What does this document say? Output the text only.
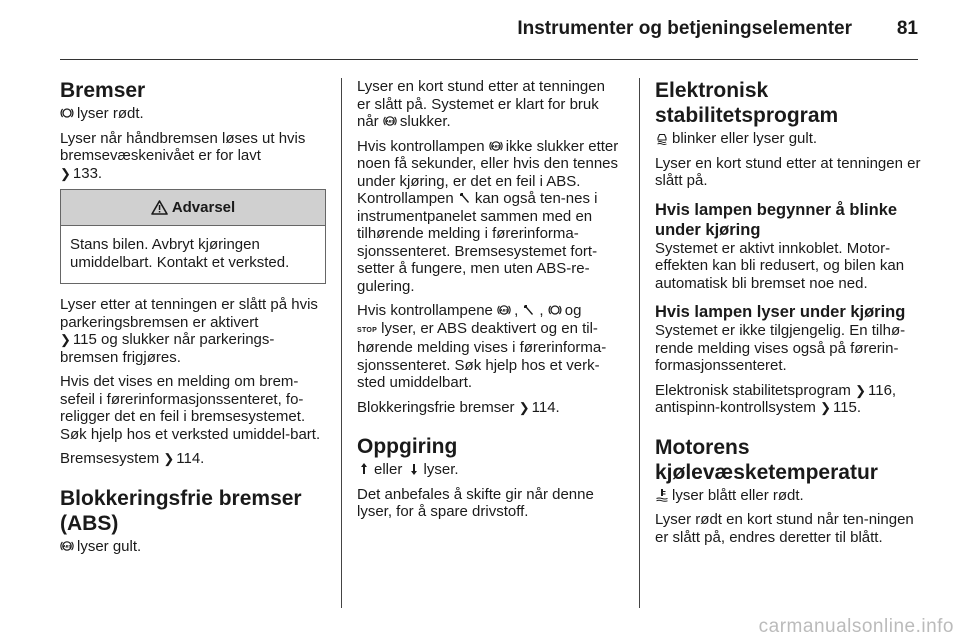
Instrumenter og betjeningselementer 81
Bremser

lyser rødt.

Lyser når håndbremsen løses ut hvis bremsevæskenivået er for lavt
❯ 133.

Advarsel

Stans bilen. Avbryt kjøringen umiddelbart. Kontakt et verksted.

Lyser etter at tenningen er slått på hvis parkeringsbremsen er aktivert
❯ 115 og slukker når parkerings-bremsen frigjøres.

Hvis det vises en melding om brem-sefeil i førerinformasjonssenteret, fo-religger det en feil i bremsesystemet. Søk hjelp hos et verksted umiddel-bart.

Bremsesystem ❯ 114.

Blokkeringsfrie bremser (ABS)

ABS lyser gult.

Lyser en kort stund etter at tenningen er slått på. Systemet er klart for bruk når ABS slukker.

Hvis kontrollampen ABS ikke slukker etter noen få sekunder, eller hvis den tennes under kjøring, er det en feil i ABS. Kontrollampen kan også ten-nes i instrumentpanelet sammen med en tilhørende melding i førerinforma-sjonssenteret. Bremsesystemet fort-setter å fungere, men uten ABS-re-gulering.

Hvis kontrollampene ABS , , og
STOP lyser, er ABS deaktivert og en til-hørende melding vises i førerinforma-sjonssenteret. Søk hjelp hos et verk-sted umiddelbart.

Blokkeringsfrie bremser ❯ 114.

Oppgiring

eller lyser.

Det anbefales å skifte gir når denne lyser, for å spare drivstoff.

Elektronisk stabilitetsprogram

blinker eller lyser gult.

Lyser en kort stund etter at tenningen er slått på.

Hvis lampen begynner å blinke under kjøring

Systemet er aktivt innkoblet. Motor-effekten kan bli redusert, og bilen kan automatisk bli bremset noe ned.

Hvis lampen lyser under kjøring

Systemet er ikke tilgjengelig. En tilhø-rende melding vises også på førerin-formasjonssenteret.

Elektronisk stabilitetsprogram ❯ 116, antispinn-kontrollsystem ❯ 115.

Motorens kjølevæsketemperatur

lyser blått eller rødt.

Lyser rødt en kort stund når ten-ningen er slått på, endres deretter til blått.

carmanualsonline.info
